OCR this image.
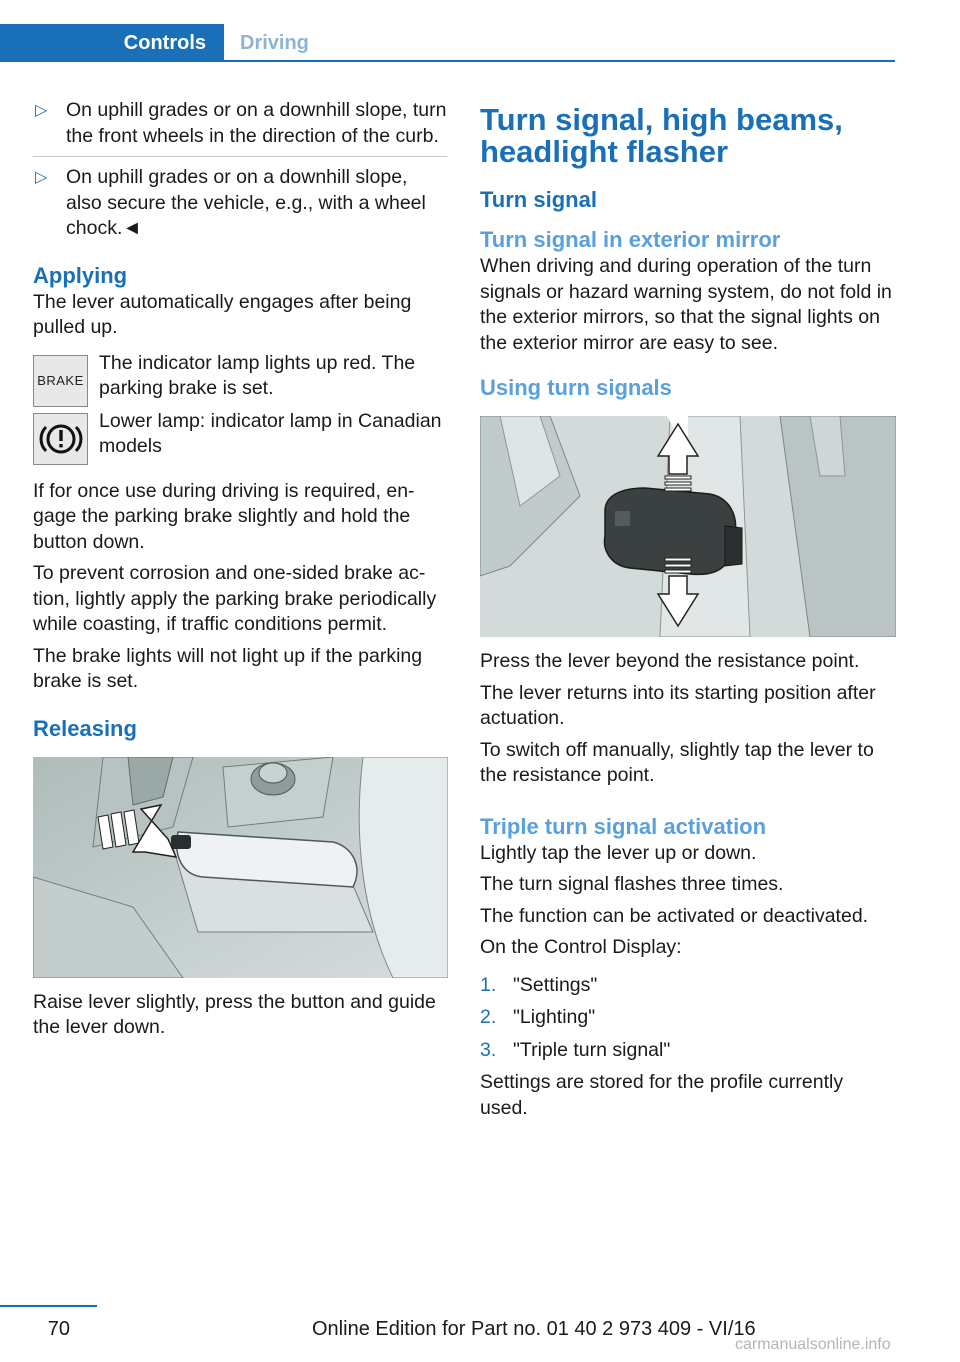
Controls	Driving
▷ On uphill grades or on a downhill slope, turn the front wheels in the direction of the curb.
▷ On uphill grades or on a downhill slope, also secure the vehicle, e.g., with a wheel chock.◄
Applying
The lever automatically engages after being pulled up.
BRAKE
The indicator lamp lights up red. The parking brake is set.
Lower lamp: indicator lamp in Canadian models
If for once use during driving is required, en-gage the parking brake slightly and hold the button down.
To prevent corrosion and one-sided brake ac-tion, lightly apply the parking brake periodically while coasting, if traffic conditions permit.
The brake lights will not light up if the parking brake is set.
Releasing
Raise lever slightly, press the button and guide the lever down.
Turn signal, high beams, headlight flasher
Turn signal
Turn signal in exterior mirror
When driving and during operation of the turn signals or hazard warning system, do not fold in the exterior mirrors, so that the signal lights on the exterior mirror are easy to see.
Using turn signals
Press the lever beyond the resistance point.
The lever returns into its starting position after actuation.
To switch off manually, slightly tap the lever to the resistance point.
Triple turn signal activation
Lightly tap the lever up or down.
The turn signal flashes three times.
The function can be activated or deactivated.
On the Control Display:
1. "Settings"
2. "Lighting"
3. "Triple turn signal"
Settings are stored for the profile currently used.
70	Online Edition for Part no. 01 40 2 973 409 - VI/16
carmanualsonline.info
